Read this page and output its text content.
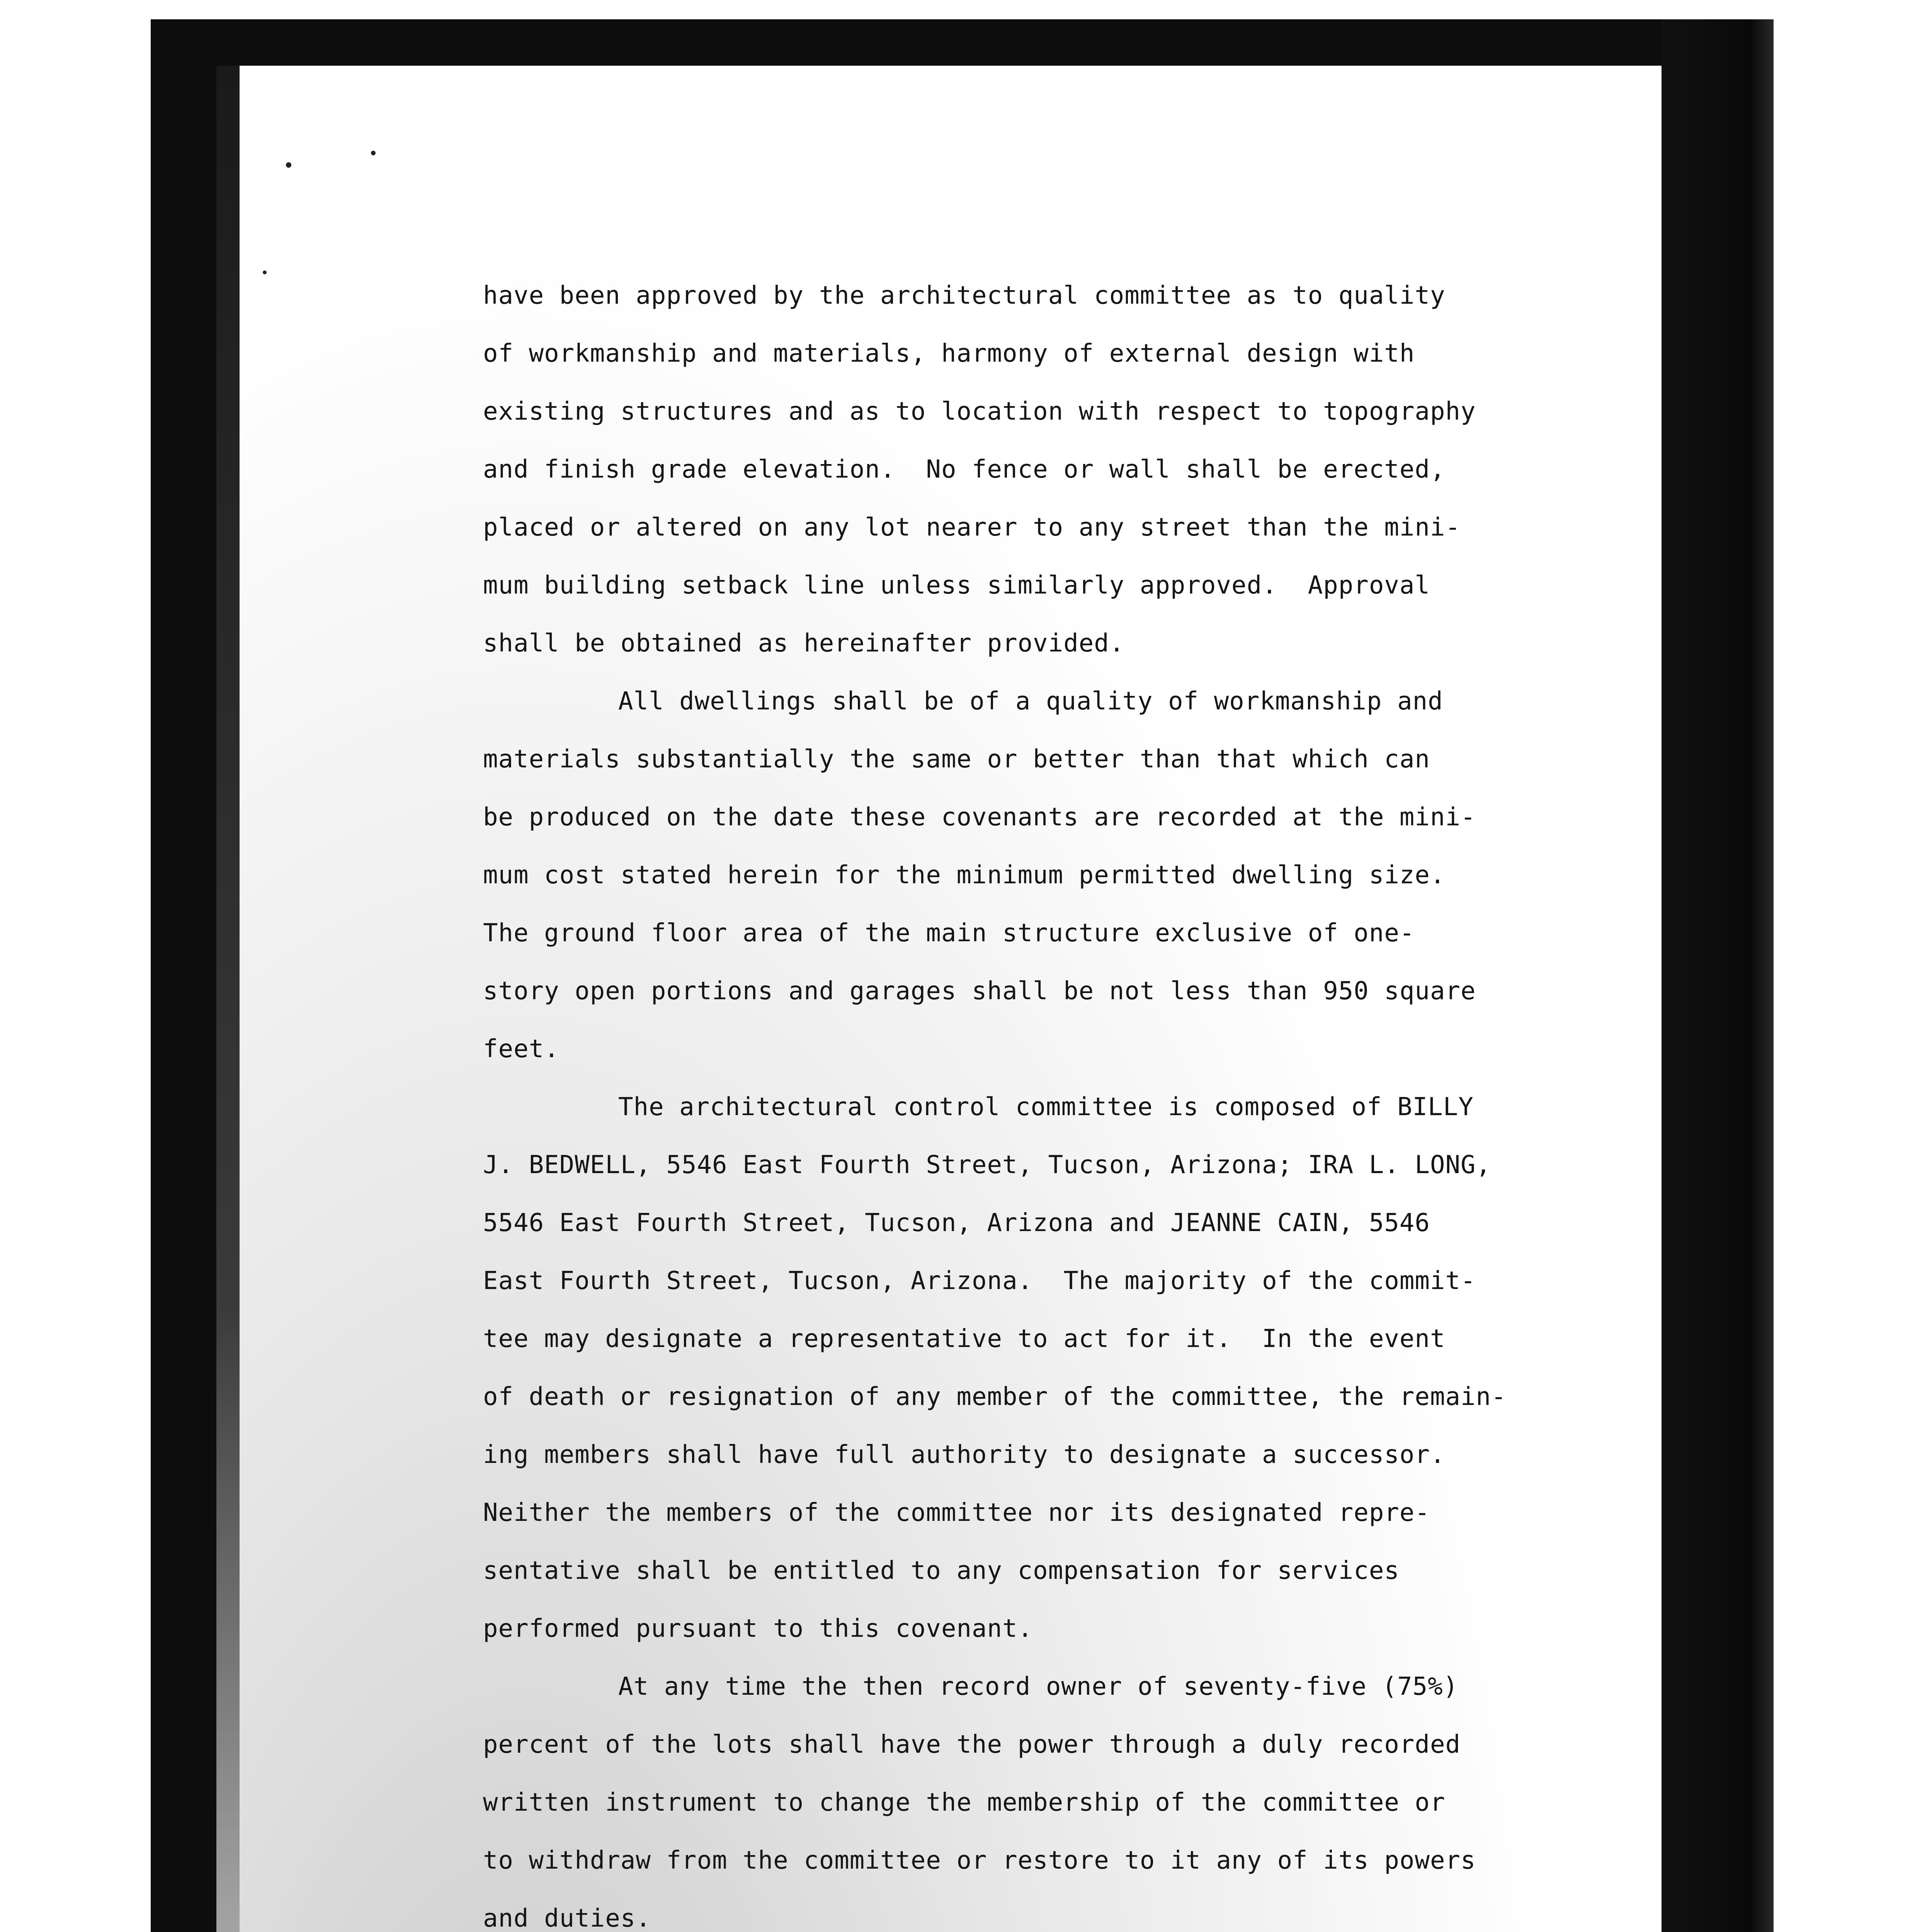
have been approved by the architectural committee as to quality
of workmanship and materials, harmony of external design with
existing structures and as to location with respect to topography
and finish grade elevation.  No fence or wall shall be erected,
placed or altered on any lot nearer to any street than the mini-
mum building setback line unless similarly approved.  Approval
shall be obtained as hereinafter provided.
All dwellings shall be of a quality of workmanship and
materials substantially the same or better than that which can
be produced on the date these covenants are recorded at the mini-
mum cost stated herein for the minimum permitted dwelling size.
The ground floor area of the main structure exclusive of one-
story open portions and garages shall be not less than 950 square
feet.
The architectural control committee is composed of BILLY
J. BEDWELL, 5546 East Fourth Street, Tucson, Arizona; IRA L. LONG,
5546 East Fourth Street, Tucson, Arizona and JEANNE CAIN, 5546
East Fourth Street, Tucson, Arizona.  The majority of the commit-
tee may designate a representative to act for it.  In the event
of death or resignation of any member of the committee, the remain-
ing members shall have full authority to designate a successor.
Neither the members of the committee nor its designated repre-
sentative shall be entitled to any compensation for services
performed pursuant to this covenant.
At any time the then record owner of seventy-five (75%)
percent of the lots shall have the power through a duly recorded
written instrument to change the membership of the committee or
to withdraw from the committee or restore to it any of its powers
and duties.
